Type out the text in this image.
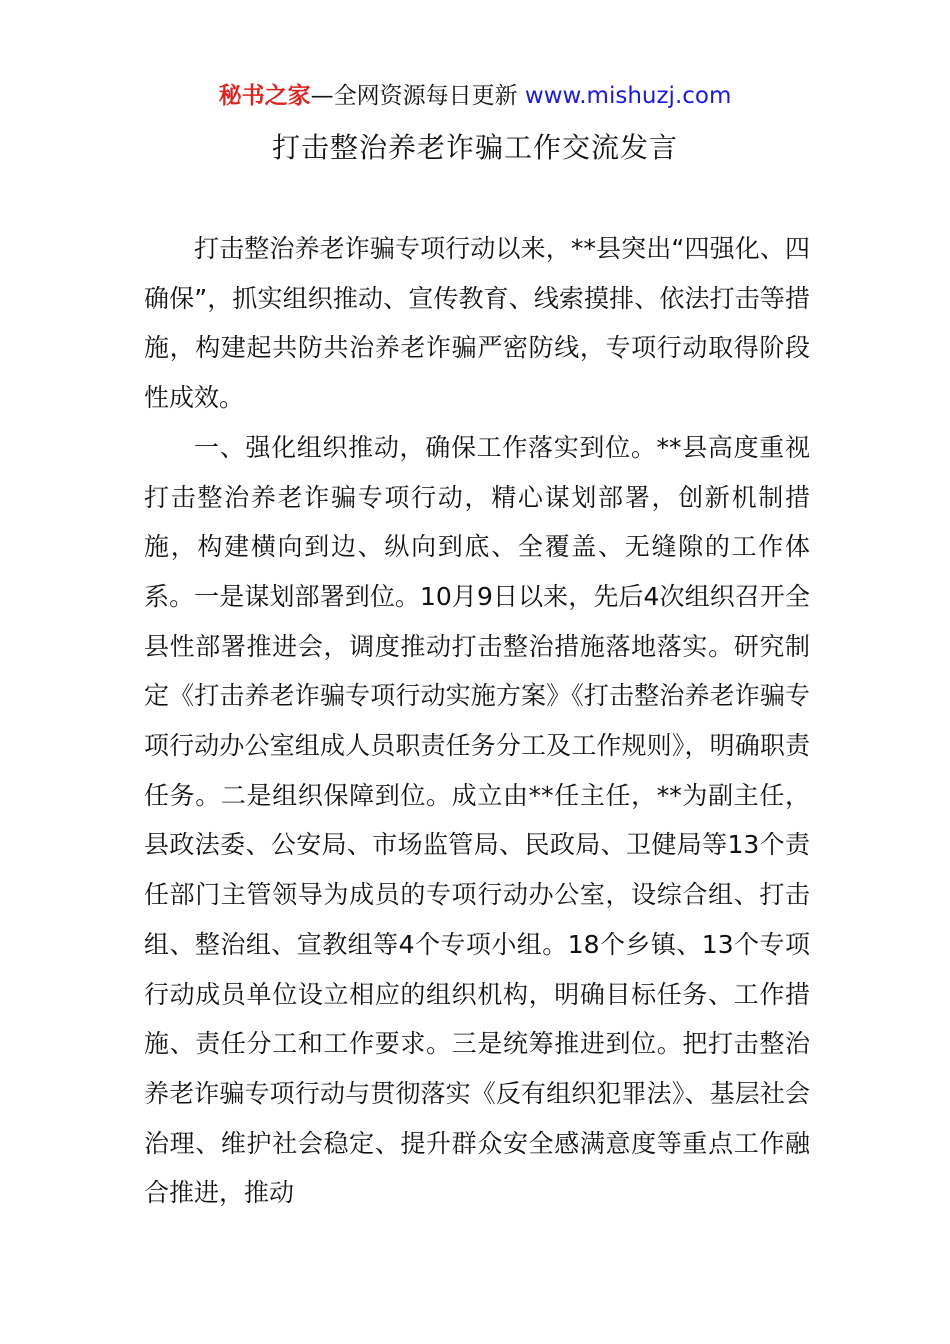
秘书之家—全网资源每日更新 www.mishuzj.com
打击整治养老诈骗工作交流发言

打击整治养老诈骗专项行动以来，**县突出“四强化、四确保”，抓实组织推动、宣传教育、线索摸排、依法打击等措施，构建起共防共治养老诈骗严密防线，专项行动取得阶段性成效。

一、强化组织推动，确保工作落实到位。**县高度重视打击整治养老诈骗专项行动，精心谋划部署，创新机制措施，构建横向到边、纵向到底、全覆盖、无缝隙的工作体系。一是谋划部署到位。10月9日以来，先后4次组织召开全县性部署推进会，调度推动打击整治措施落地落实。研究制定《打击养老诈骗专项行动实施方案》《打击整治养老诈骗专项行动办公室组成人员职责任务分工及工作规则》，明确职责任务。二是组织保障到位。成立由**任主任，**为副主任，县政法委、公安局、市场监管局、民政局、卫健局等13个责任部门主管领导为成员的专项行动办公室，设综合组、打击组、整治组、宣教组等4个专项小组。18个乡镇、13个专项行动成员单位设立相应的组织机构，明确目标任务、工作措施、责任分工和工作要求。三是统筹推进到位。把打击整治养老诈骗专项行动与贯彻落实《反有组织犯罪法》、基层社会治理、维护社会稳定、提升群众安全感满意度等重点工作融合推进，推动
